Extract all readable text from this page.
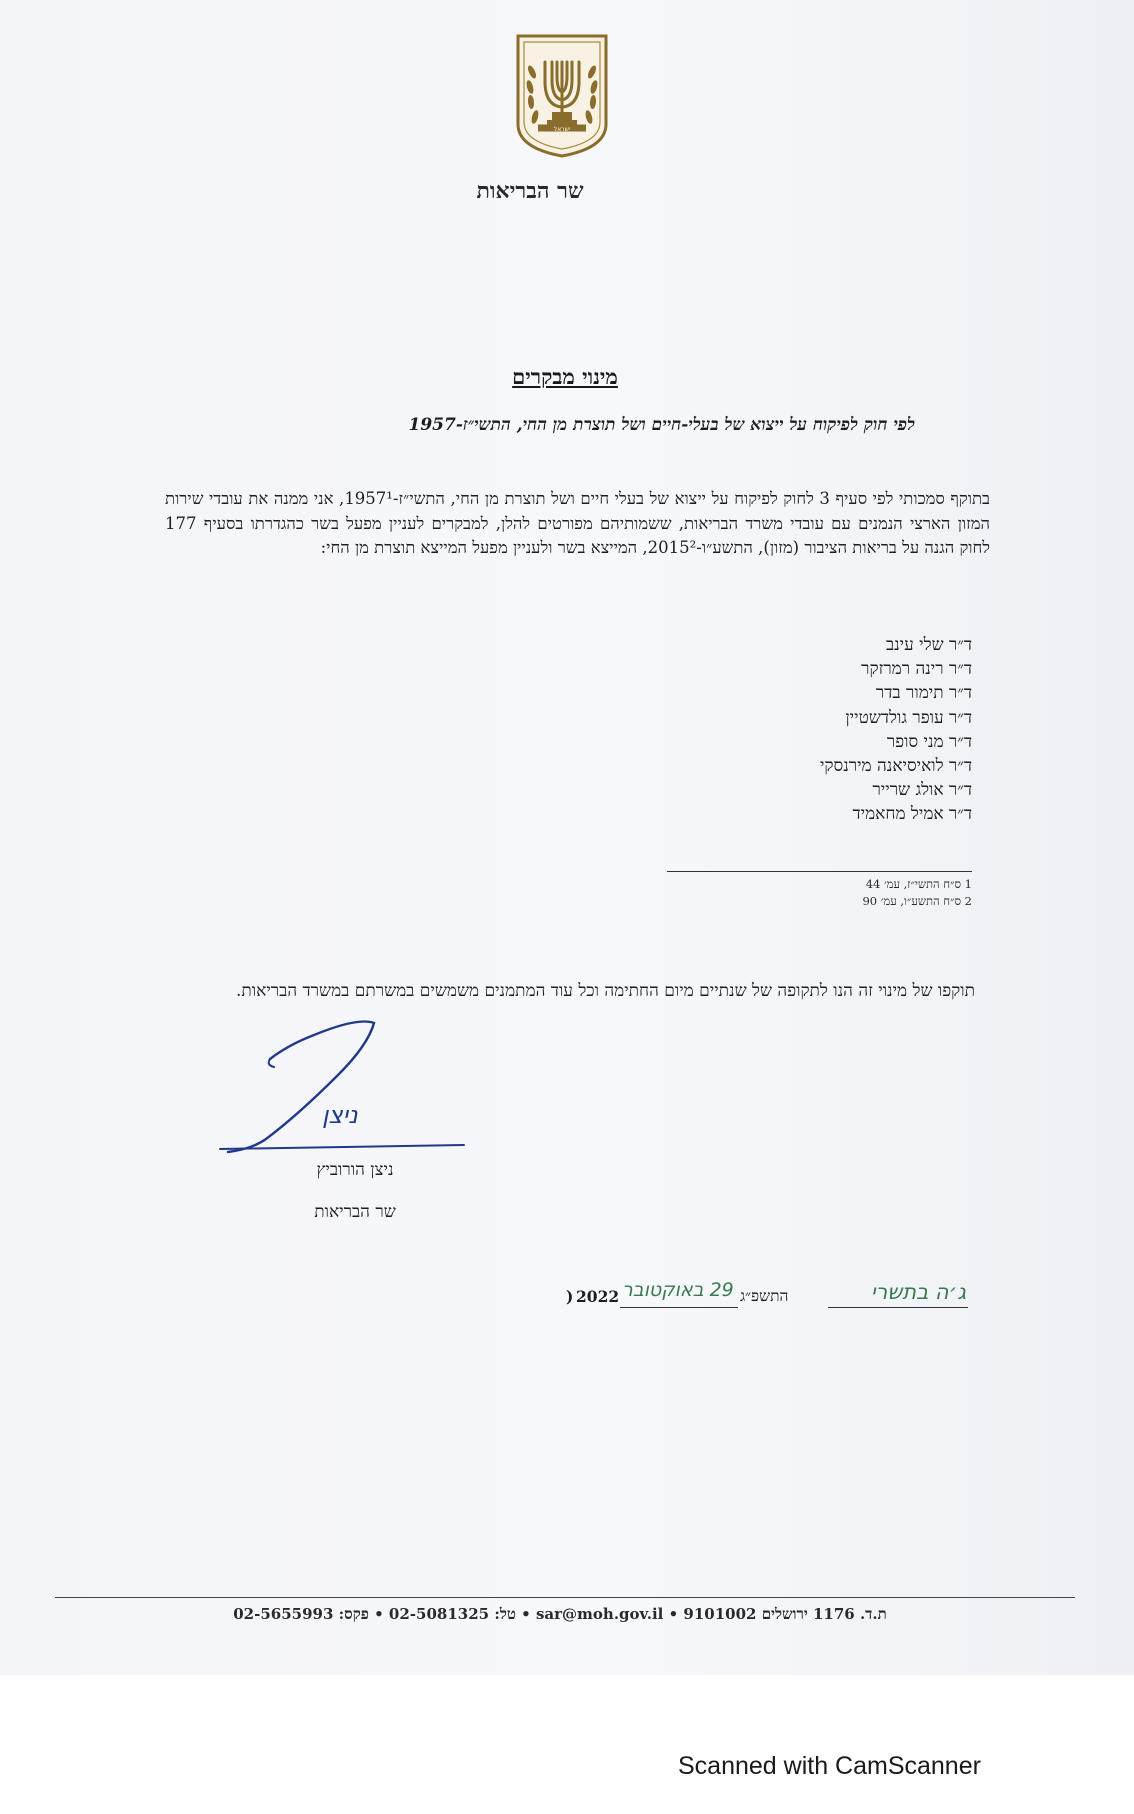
ישראל
שר הבריאות
מינוי מבקרים
לפי חוק לפיקוח על ייצוא של בעלי-חיים ושל תוצרת מן החי, התשי״ז-1957
בתוקף סמכותי לפי סעיף 3 לחוק לפיקוח על ייצוא של בעלי חיים ושל תוצרת מן החי, התשי״ז-1957¹, אני ממנה את עובדי שירות המזון הארצי הנמנים עם עובדי משרד הבריאות, ששמותיהם מפורטים להלן, למבקרים לעניין מפעל בשר כהגדרתו בסעיף 177 לחוק הגנה על בריאות הציבור (מזון), התשע״ו-2015², המייצא בשר ולעניין מפעל המייצא תוצרת מן החי:
ד״ר שלי עינב
ד״ר רינה רמרזקר
ד״ר תימור בדר
ד״ר עופר גולדשטיין
ד״ר מני סופר
ד״ר לואיסיאנה מירנסקי
ד״ר אולג שרייר
ד״ר אמיל מחאמיד
1 ס״ח התשי״ז, עמ׳ 44
2 ס״ח התשע״ו, עמ׳ 90
תוקפו של מינוי זה הנו לתקופה של שנתיים מיום החתימה וכל עוד המתמנים משמשים במשרתם במשרד הבריאות.
ניצן
ניצן הורוביץ
שר הבריאות
ג׳ה בתשרי
התשפ״ג
29 באוקטובר
2022
)
ת.ד. 1176 ירושלים 9101002 • sar@moh.gov.il • טל: 02-5081325 • פקס: 02-5655993
Scanned with CamScanner
